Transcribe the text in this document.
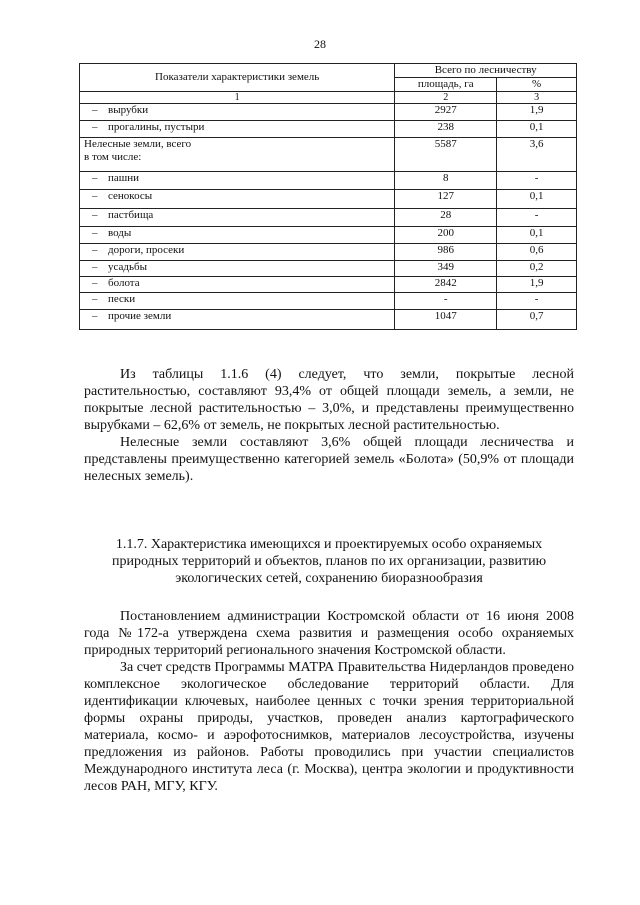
28
Показатели характеристики земель	Всего по лесничеству	
	площадь, га	%
1	2	3
– вырубки	2927	1,9
– прогалины, пустыри	238	0,1
Нелесные земли, всего
в том числе:	5587	3,6
– пашни	8	-
– сенокосы	127	0,1
– пастбища	28	-
– воды	200	0,1
– дороги, просеки	986	0,6
– усадьбы	349	0,2
– болота	2842	1,9
– пески	-	-
– прочие земли	1047	0,7

Из таблицы 1.1.6 (4) следует, что земли, покрытые лесной растительностью, составляют 93,4% от общей площади земель, а земли, не покрытые лесной растительностью – 3,0%, и представлены преимущественно вырубками – 62,6% от земель, не покрытых лесной растительностью.

Нелесные земли составляют 3,6% общей площади лесничества и представлены преимущественно категорией земель «Болота» (50,9% от площади нелесных земель).

1.1.7. Характеристика имеющихся и проектируемых особо охраняемых природных территорий и объектов, планов по их организации, развитию экологических сетей, сохранению биоразнообразия

Постановлением администрации Костромской области от 16 июня 2008 года №172-а утверждена схема развития и размещения особо охраняемых природных территорий регионального значения Костромской области.

За счет средств Программы МАТРА Правительства Нидерландов проведено комплексное экологическое обследование территорий области. Для идентификации ключевых, наиболее ценных с точки зрения территориальной формы охраны природы, участков, проведен анализ картографического материала, космо- и аэрофотоснимков, материалов лесоустройства, изучены предложения из районов. Работы проводились при участии специалистов Международного института леса (г. Москва), центра экологии и продуктивности лесов РАН, МГУ, КГУ.
